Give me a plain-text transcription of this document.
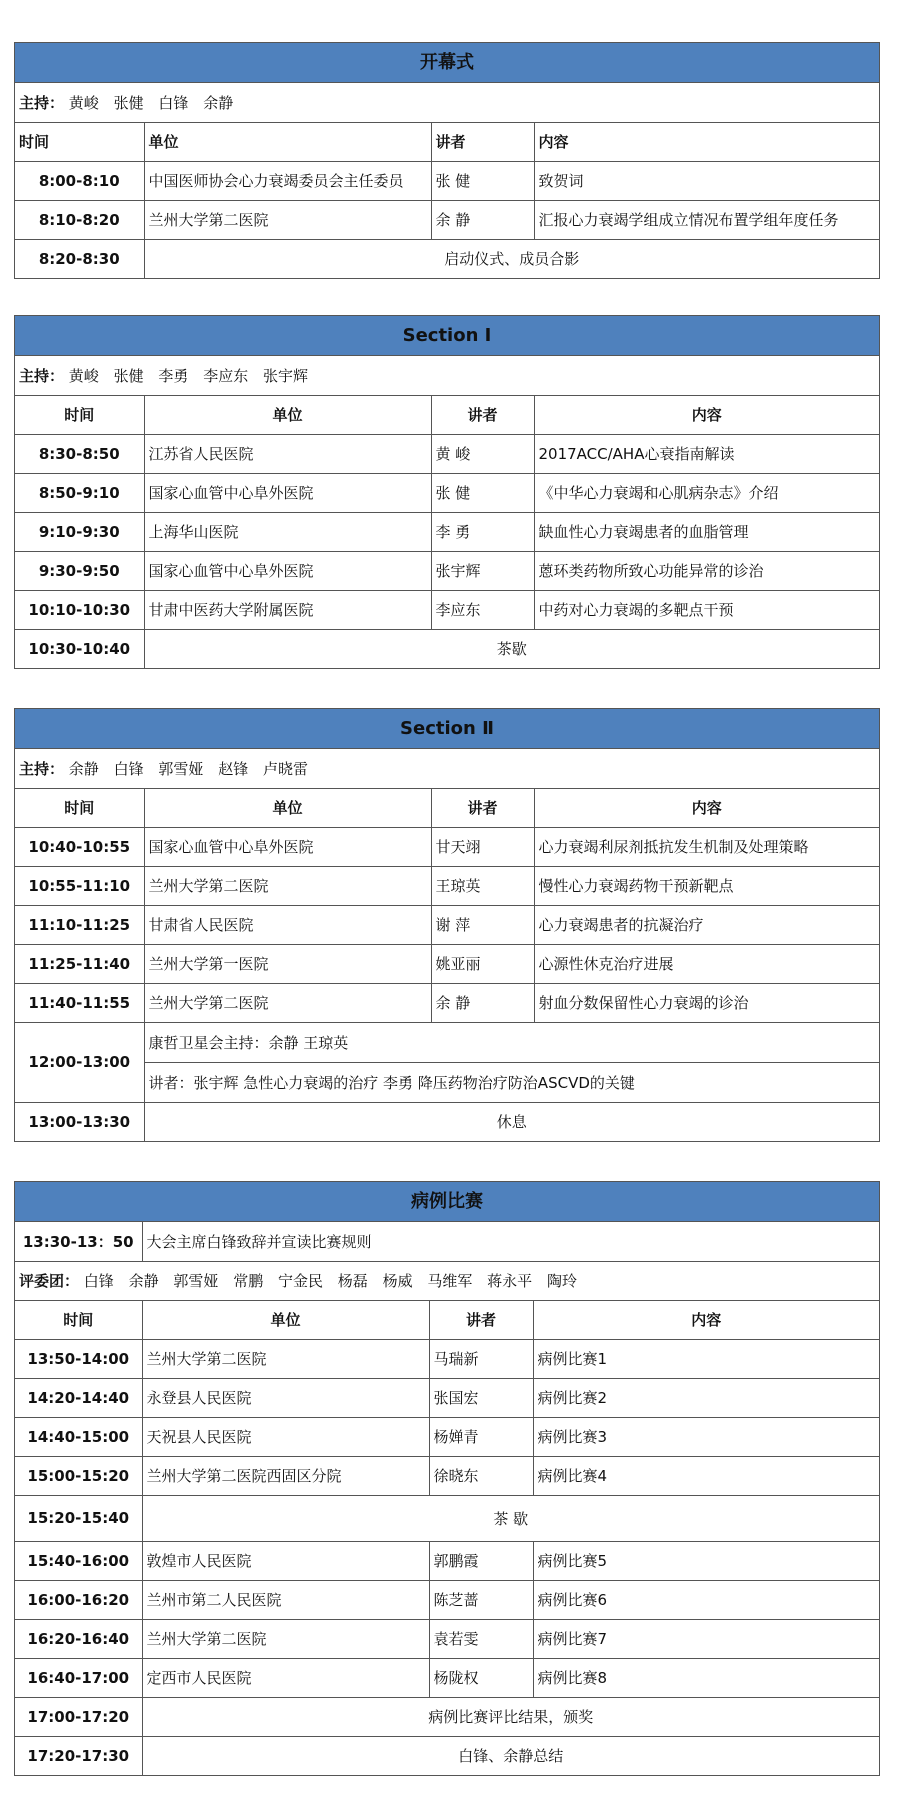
开幕式
主持： 黄峻 张健 白锋 余静			
时间	单位	讲者	内容
8:00-8:10	中国医师协会心力衰竭委员会主任委员	张 健	致贺词
8:10-8:20	兰州大学第二医院	余 静	汇报心力衰竭学组成立情况布置学组年度任务
8:20-8:30	启动仪式、成员合影		
Section Ⅰ
主持： 黄峻 张健 李勇 李应东 张宇辉			
时间	单位	讲者	内容
8:30-8:50	江苏省人民医院	黄 峻	2017ACC/AHA心衰指南解读
8:50-9:10	国家心血管中心阜外医院	张 健	《中华心力衰竭和心肌病杂志》介绍
9:10-9:30	上海华山医院	李 勇	缺血性心力衰竭患者的血脂管理
9:30-9:50	国家心血管中心阜外医院	张宇辉	蒽环类药物所致心功能异常的诊治
10:10-10:30	甘肃中医药大学附属医院	李应东	中药对心力衰竭的多靶点干预
10:30-10:40	茶歇		
Section Ⅱ
主持： 余静 白锋 郭雪娅 赵锋 卢晓雷			
时间	单位	讲者	内容
10:40-10:55	国家心血管中心阜外医院	甘天翊	心力衰竭利尿剂抵抗发生机制及处理策略
10:55-11:10	兰州大学第二医院	王琼英	慢性心力衰竭药物干预新靶点
11:10-11:25	甘肃省人民医院	谢 萍	心力衰竭患者的抗凝治疗
11:25-11:40	兰州大学第一医院	姚亚丽	心源性休克治疗进展
11:40-11:55	兰州大学第二医院	余 静	射血分数保留性心力衰竭的诊治
12:00-13:00	康哲卫星会主持：余静 王琼英		
	讲者：张宇辉 急性心力衰竭的治疗 李勇 降压药物治疗防治ASCVD的关键		
13:00-13:30	休息		
病例比赛
13:30-13：50	大会主席白锋致辞并宣读比赛规则		
评委团： 白锋 余静 郭雪娅 常鹏 宁金民 杨磊 杨威 马维军 蒋永平 陶玲			
时间	单位	讲者	内容
13:50-14:00	兰州大学第二医院	马瑞新	病例比赛1
14:20-14:40	永登县人民医院	张国宏	病例比赛2
14:40-15:00	天祝县人民医院	杨婵青	病例比赛3
15:00-15:20	兰州大学第二医院西固区分院	徐晓东	病例比赛4
15:20-15:40	茶 歇		
15:40-16:00	敦煌市人民医院	郭鹏霞	病例比赛5
16:00-16:20	兰州市第二人民医院	陈芝蔷	病例比赛6
16:20-16:40	兰州大学第二医院	袁若雯	病例比赛7
16:40-17:00	定西市人民医院	杨陇权	病例比赛8
17:00-17:20	病例比赛评比结果，颁奖		
17:20-17:30	白锋、余静总结		
